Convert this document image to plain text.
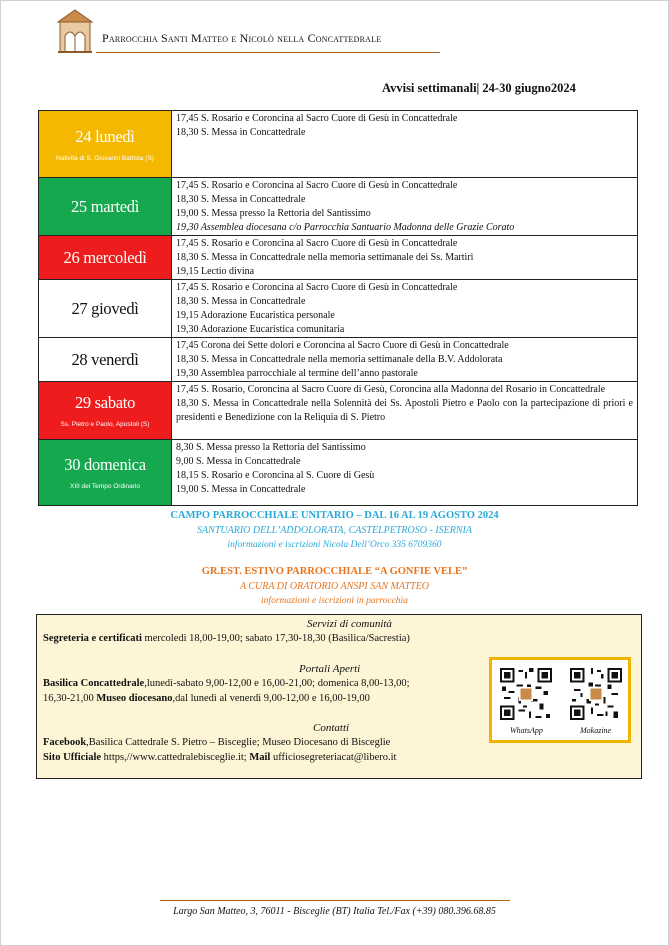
Parrocchia Santi Matteo e Nicolò nella Concattedrale
Avvisi settimanali| 24-30 giugno2024
24 lunedì
Natività di S. Giovanni Battista (S)	17,45 S. Rosario e Coroncina al Sacro Cuore di Gesù in Concattedrale
18,30 S. Messa in Concattedrale

25 martedì	17,45 S. Rosario e Coroncina al Sacro Cuore di Gesù in Concattedrale
18,30 S. Messa in Concattedrale
19,00 S. Messa presso la Rettoria del Santissimo
19,30 Assemblea diocesana c/o Parrocchia Santuario Madonna delle Grazie Corato

26 mercoledì	17,45 S. Rosario e Coroncina al Sacro Cuore di Gesù in Concattedrale
18,30 S. Messa in Concattedrale nella memoria settimanale dei Ss. Martiri
19,15 Lectio divina

27 giovedì	17,45 S. Rosario e Coroncina al Sacro Cuore di Gesù in Concattedrale
18,30 S. Messa in Concattedrale
19,15 Adorazione Eucaristica personale
19,30 Adorazione Eucaristica comunitaria

28 venerdì	17,45 Corona dei Sette dolori e Coroncina al Sacro Cuore di Gesù in Concattedrale
18,30 S. Messa in Concattedrale nella memoria settimanale della B.V. Addolorata
19,30 Assemblea parrocchiale al termine dell’anno pastorale

29 sabato
Ss. Pietro e Paolo, Apostoli (S)	17,45 S. Rosario, Coroncina al Sacro Cuore di Gesù, Coroncina alla Madonna del Rosario in Concattedrale
18,30 S. Messa in Concattedrale nella Solennità dei Ss. Apostoli Pietro e Paolo con la partecipazione di priori e presidenti e Benedizione con la Reliquia di S. Pietro

30 domenica
XIII del Tempo Ordinario	8,30 S. Messa presso la Rettoria del Santissimo
9,00 S. Messa in Concattedrale
18,15 S. Rosario e Coroncina al S. Cuore di Gesù
19,00 S. Messa in Concattedrale
CAMPO PARROCCHIALE UNITARIO – DAL 16 AL 19 AGOSTO 2024
SANTUARIO DELL’ADDOLORATA, CASTELPETROSO - ISERNIA
informazioni e iscrizioni Nicola Dell’Orco 335 6709360
GR.EST. ESTIVO PARROCCHIALE “A GONFIE VELE”
A CURA DI ORATORIO ANSPI SAN MATTEO
informazioni e iscrizioni in parrocchia
Servizi di comunità
Segreteria e certificati mercoledì 18,00-19,00; sabato 17,30-18,30 (Basilica/Sacrestia)
Portali Aperti
Basilica Concattedrale,lunedì-sabato 9,00-12,00 e 16,00-21,00; domenica 8,00-13,00;
16,30-21,00 Museo diocesano,dal lunedì al venerdì 9,00-12,00 e 16,00-19,00
Contatti
Facebook,Basilica Cattedrale S. Pietro – Bisceglie; Museo Diocesano di Bisceglie
Sito Ufficiale https,//www.cattedralebisceglie.it; Mail ufficiosegreteriacat@libero.it
WhatsApp	Mokazine
Largo San Matteo, 3, 76011 - Bisceglie (BT) Italia Tel./Fax (+39) 080.396.68.85
